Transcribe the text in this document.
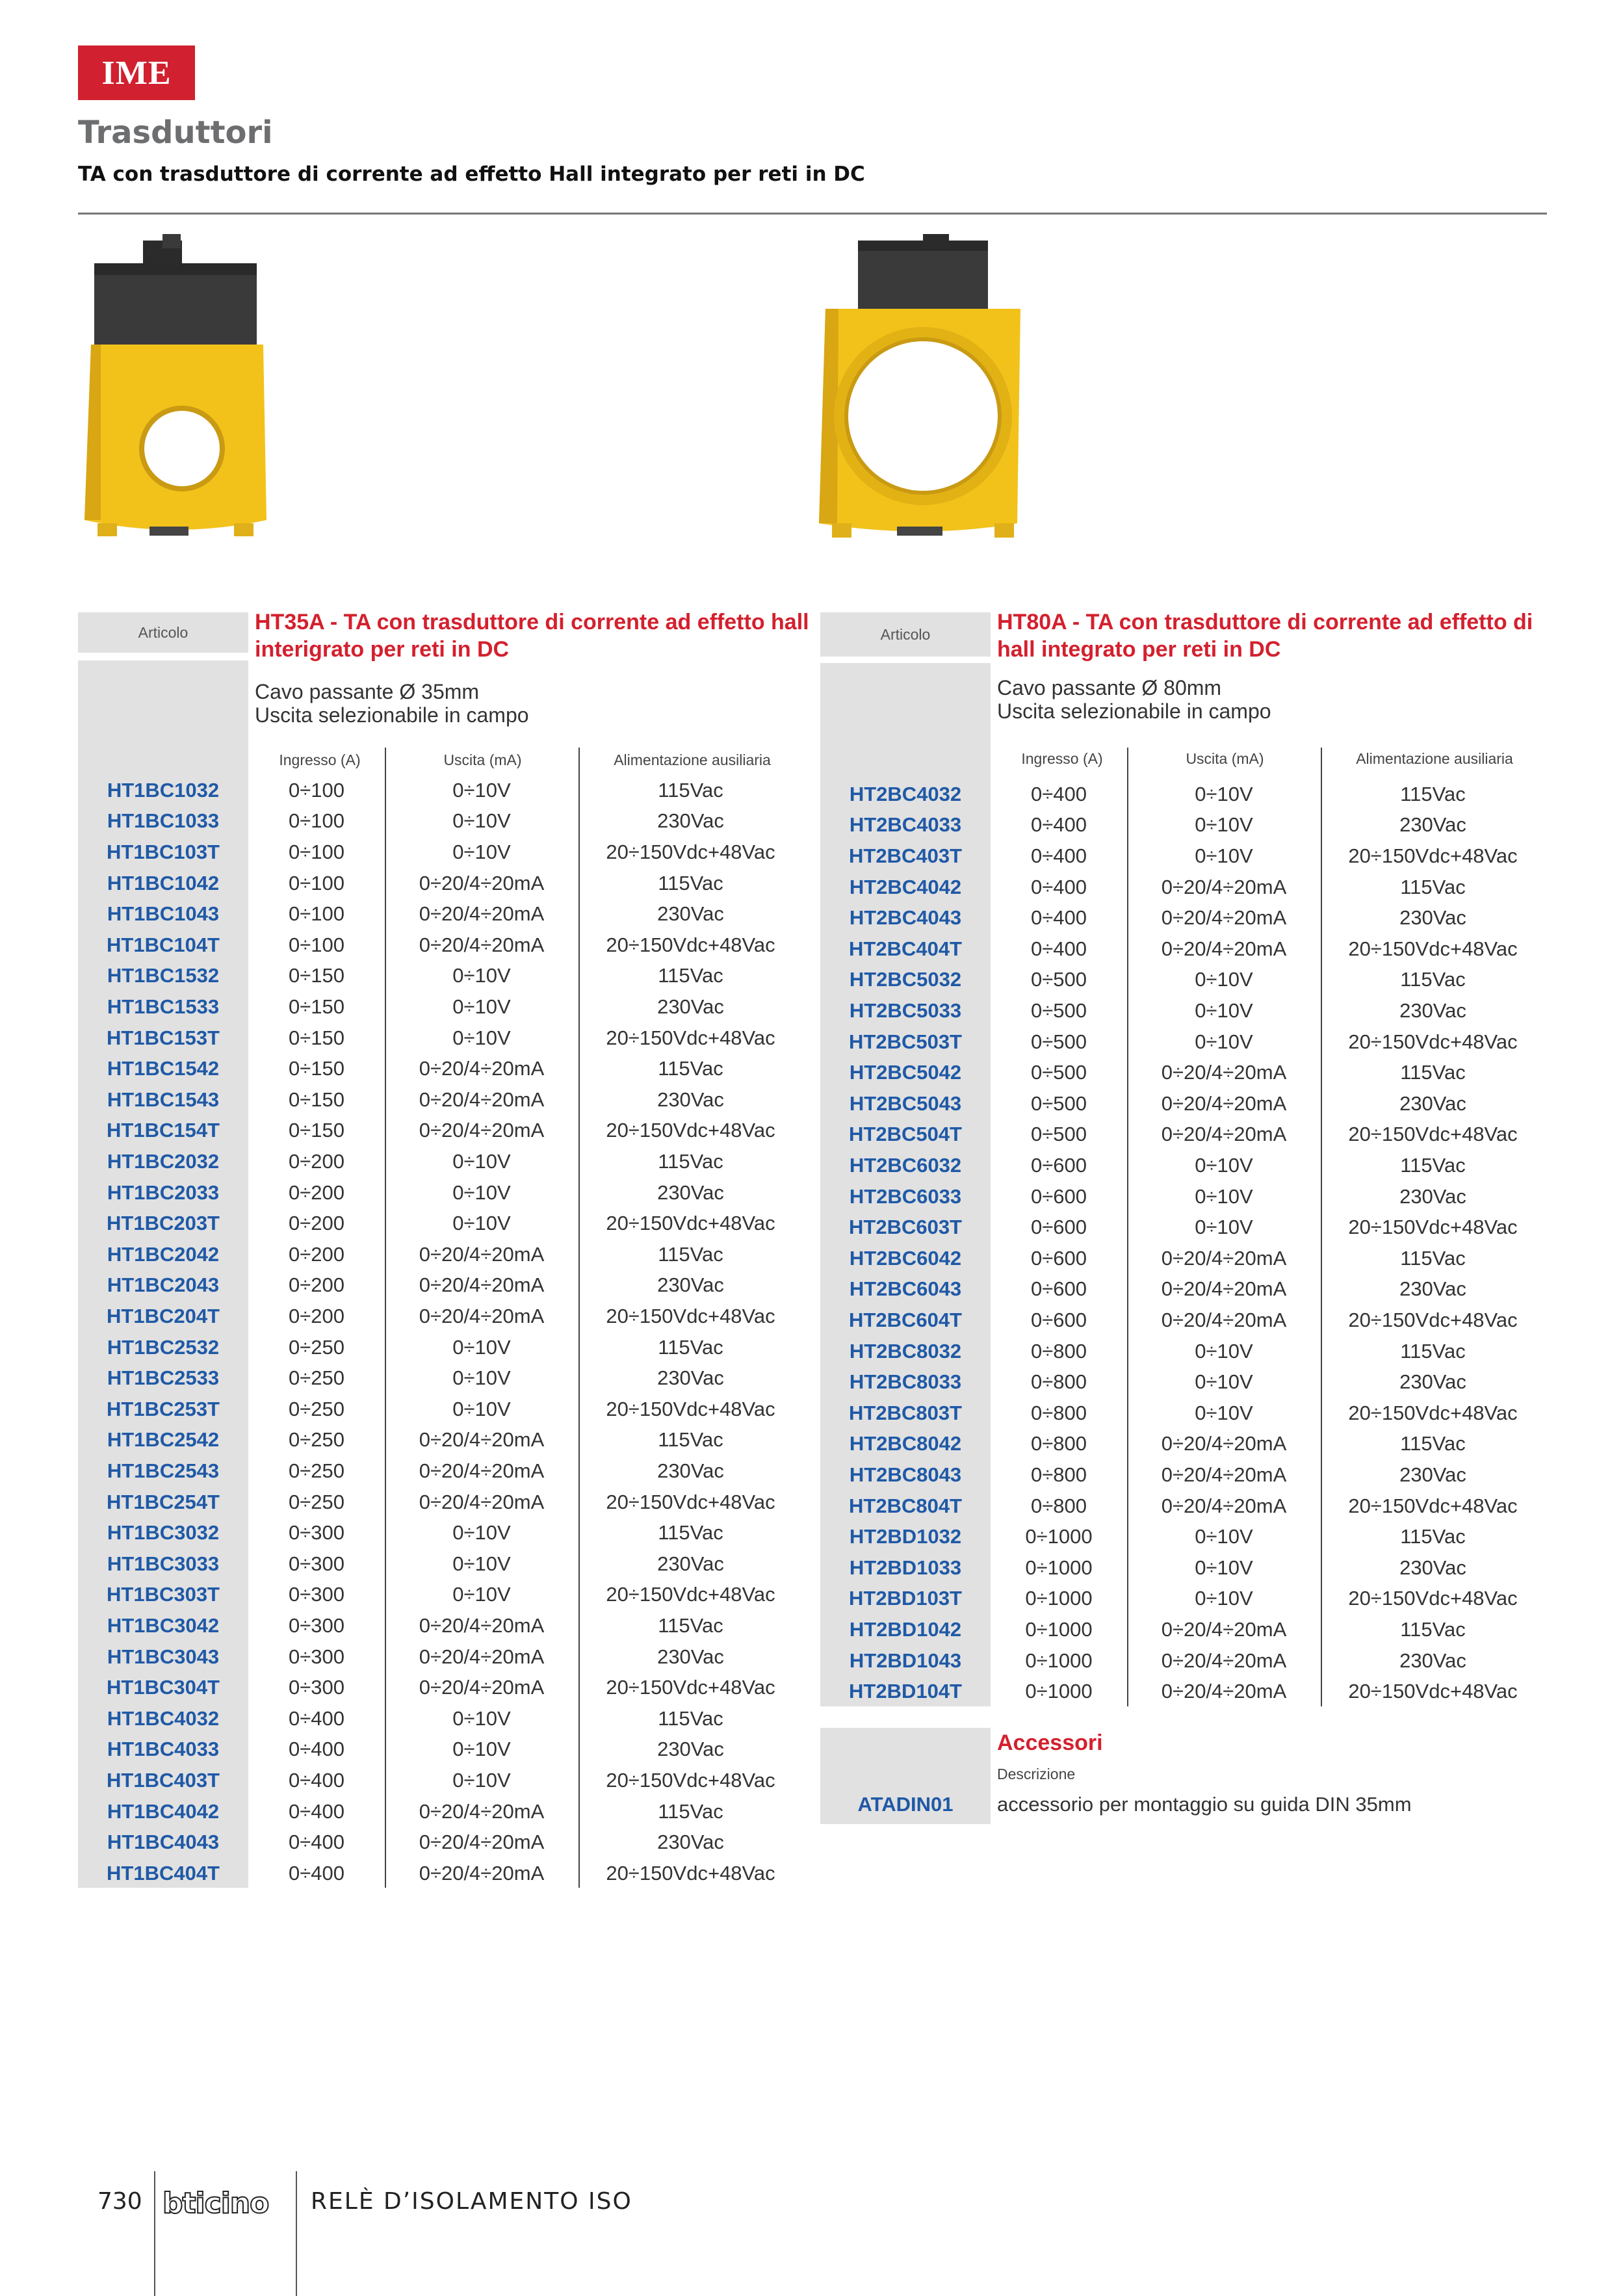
IME
Trasduttori
TA con trasduttore di corrente ad effetto Hall integrato per reti in DC
Articolo	HT35A - TA con trasduttore di corrente ad effetto hall interigrato per reti in DC
Cavo passante Ø 35mm
Uscita selezionabile in campo
Ingresso (A)	Uscita (mA)	Alimentazione ausiliaria
HT1BC1032	0÷100	0÷10V	115Vac
HT1BC1033	0÷100	0÷10V	230Vac
HT1BC103T	0÷100	0÷10V	20÷150Vdc+48Vac
HT1BC1042	0÷100	0÷20/4÷20mA	115Vac
HT1BC1043	0÷100	0÷20/4÷20mA	230Vac
HT1BC104T	0÷100	0÷20/4÷20mA	20÷150Vdc+48Vac
HT1BC1532	0÷150	0÷10V	115Vac
HT1BC1533	0÷150	0÷10V	230Vac
HT1BC153T	0÷150	0÷10V	20÷150Vdc+48Vac
HT1BC1542	0÷150	0÷20/4÷20mA	115Vac
HT1BC1543	0÷150	0÷20/4÷20mA	230Vac
HT1BC154T	0÷150	0÷20/4÷20mA	20÷150Vdc+48Vac
HT1BC2032	0÷200	0÷10V	115Vac
HT1BC2033	0÷200	0÷10V	230Vac
HT1BC203T	0÷200	0÷10V	20÷150Vdc+48Vac
HT1BC2042	0÷200	0÷20/4÷20mA	115Vac
HT1BC2043	0÷200	0÷20/4÷20mA	230Vac
HT1BC204T	0÷200	0÷20/4÷20mA	20÷150Vdc+48Vac
HT1BC2532	0÷250	0÷10V	115Vac
HT1BC2533	0÷250	0÷10V	230Vac
HT1BC253T	0÷250	0÷10V	20÷150Vdc+48Vac
HT1BC2542	0÷250	0÷20/4÷20mA	115Vac
HT1BC2543	0÷250	0÷20/4÷20mA	230Vac
HT1BC254T	0÷250	0÷20/4÷20mA	20÷150Vdc+48Vac
HT1BC3032	0÷300	0÷10V	115Vac
HT1BC3033	0÷300	0÷10V	230Vac
HT1BC303T	0÷300	0÷10V	20÷150Vdc+48Vac
HT1BC3042	0÷300	0÷20/4÷20mA	115Vac
HT1BC3043	0÷300	0÷20/4÷20mA	230Vac
HT1BC304T	0÷300	0÷20/4÷20mA	20÷150Vdc+48Vac
HT1BC4032	0÷400	0÷10V	115Vac
HT1BC4033	0÷400	0÷10V	230Vac
HT1BC403T	0÷400	0÷10V	20÷150Vdc+48Vac
HT1BC4042	0÷400	0÷20/4÷20mA	115Vac
HT1BC4043	0÷400	0÷20/4÷20mA	230Vac
HT1BC404T	0÷400	0÷20/4÷20mA	20÷150Vdc+48Vac
Articolo	HT80A - TA con trasduttore di corrente ad effetto di hall integrato per reti in DC
Cavo passante Ø 80mm
Uscita selezionabile in campo
Ingresso (A)	Uscita (mA)	Alimentazione ausiliaria
HT2BC4032	0÷400	0÷10V	115Vac
HT2BC4033	0÷400	0÷10V	230Vac
HT2BC403T	0÷400	0÷10V	20÷150Vdc+48Vac
HT2BC4042	0÷400	0÷20/4÷20mA	115Vac
HT2BC4043	0÷400	0÷20/4÷20mA	230Vac
HT2BC404T	0÷400	0÷20/4÷20mA	20÷150Vdc+48Vac
HT2BC5032	0÷500	0÷10V	115Vac
HT2BC5033	0÷500	0÷10V	230Vac
HT2BC503T	0÷500	0÷10V	20÷150Vdc+48Vac
HT2BC5042	0÷500	0÷20/4÷20mA	115Vac
HT2BC5043	0÷500	0÷20/4÷20mA	230Vac
HT2BC504T	0÷500	0÷20/4÷20mA	20÷150Vdc+48Vac
HT2BC6032	0÷600	0÷10V	115Vac
HT2BC6033	0÷600	0÷10V	230Vac
HT2BC603T	0÷600	0÷10V	20÷150Vdc+48Vac
HT2BC6042	0÷600	0÷20/4÷20mA	115Vac
HT2BC6043	0÷600	0÷20/4÷20mA	230Vac
HT2BC604T	0÷600	0÷20/4÷20mA	20÷150Vdc+48Vac
HT2BC8032	0÷800	0÷10V	115Vac
HT2BC8033	0÷800	0÷10V	230Vac
HT2BC803T	0÷800	0÷10V	20÷150Vdc+48Vac
HT2BC8042	0÷800	0÷20/4÷20mA	115Vac
HT2BC8043	0÷800	0÷20/4÷20mA	230Vac
HT2BC804T	0÷800	0÷20/4÷20mA	20÷150Vdc+48Vac
HT2BD1032	0÷1000	0÷10V	115Vac
HT2BD1033	0÷1000	0÷10V	230Vac
HT2BD103T	0÷1000	0÷10V	20÷150Vdc+48Vac
HT2BD1042	0÷1000	0÷20/4÷20mA	115Vac
HT2BD1043	0÷1000	0÷20/4÷20mA	230Vac
HT2BD104T	0÷1000	0÷20/4÷20mA	20÷150Vdc+48Vac
Accessori
Descrizione
ATADIN01	accessorio per montaggio su guida DIN 35mm
730 bticino RELÈ D’ISOLAMENTO ISO
